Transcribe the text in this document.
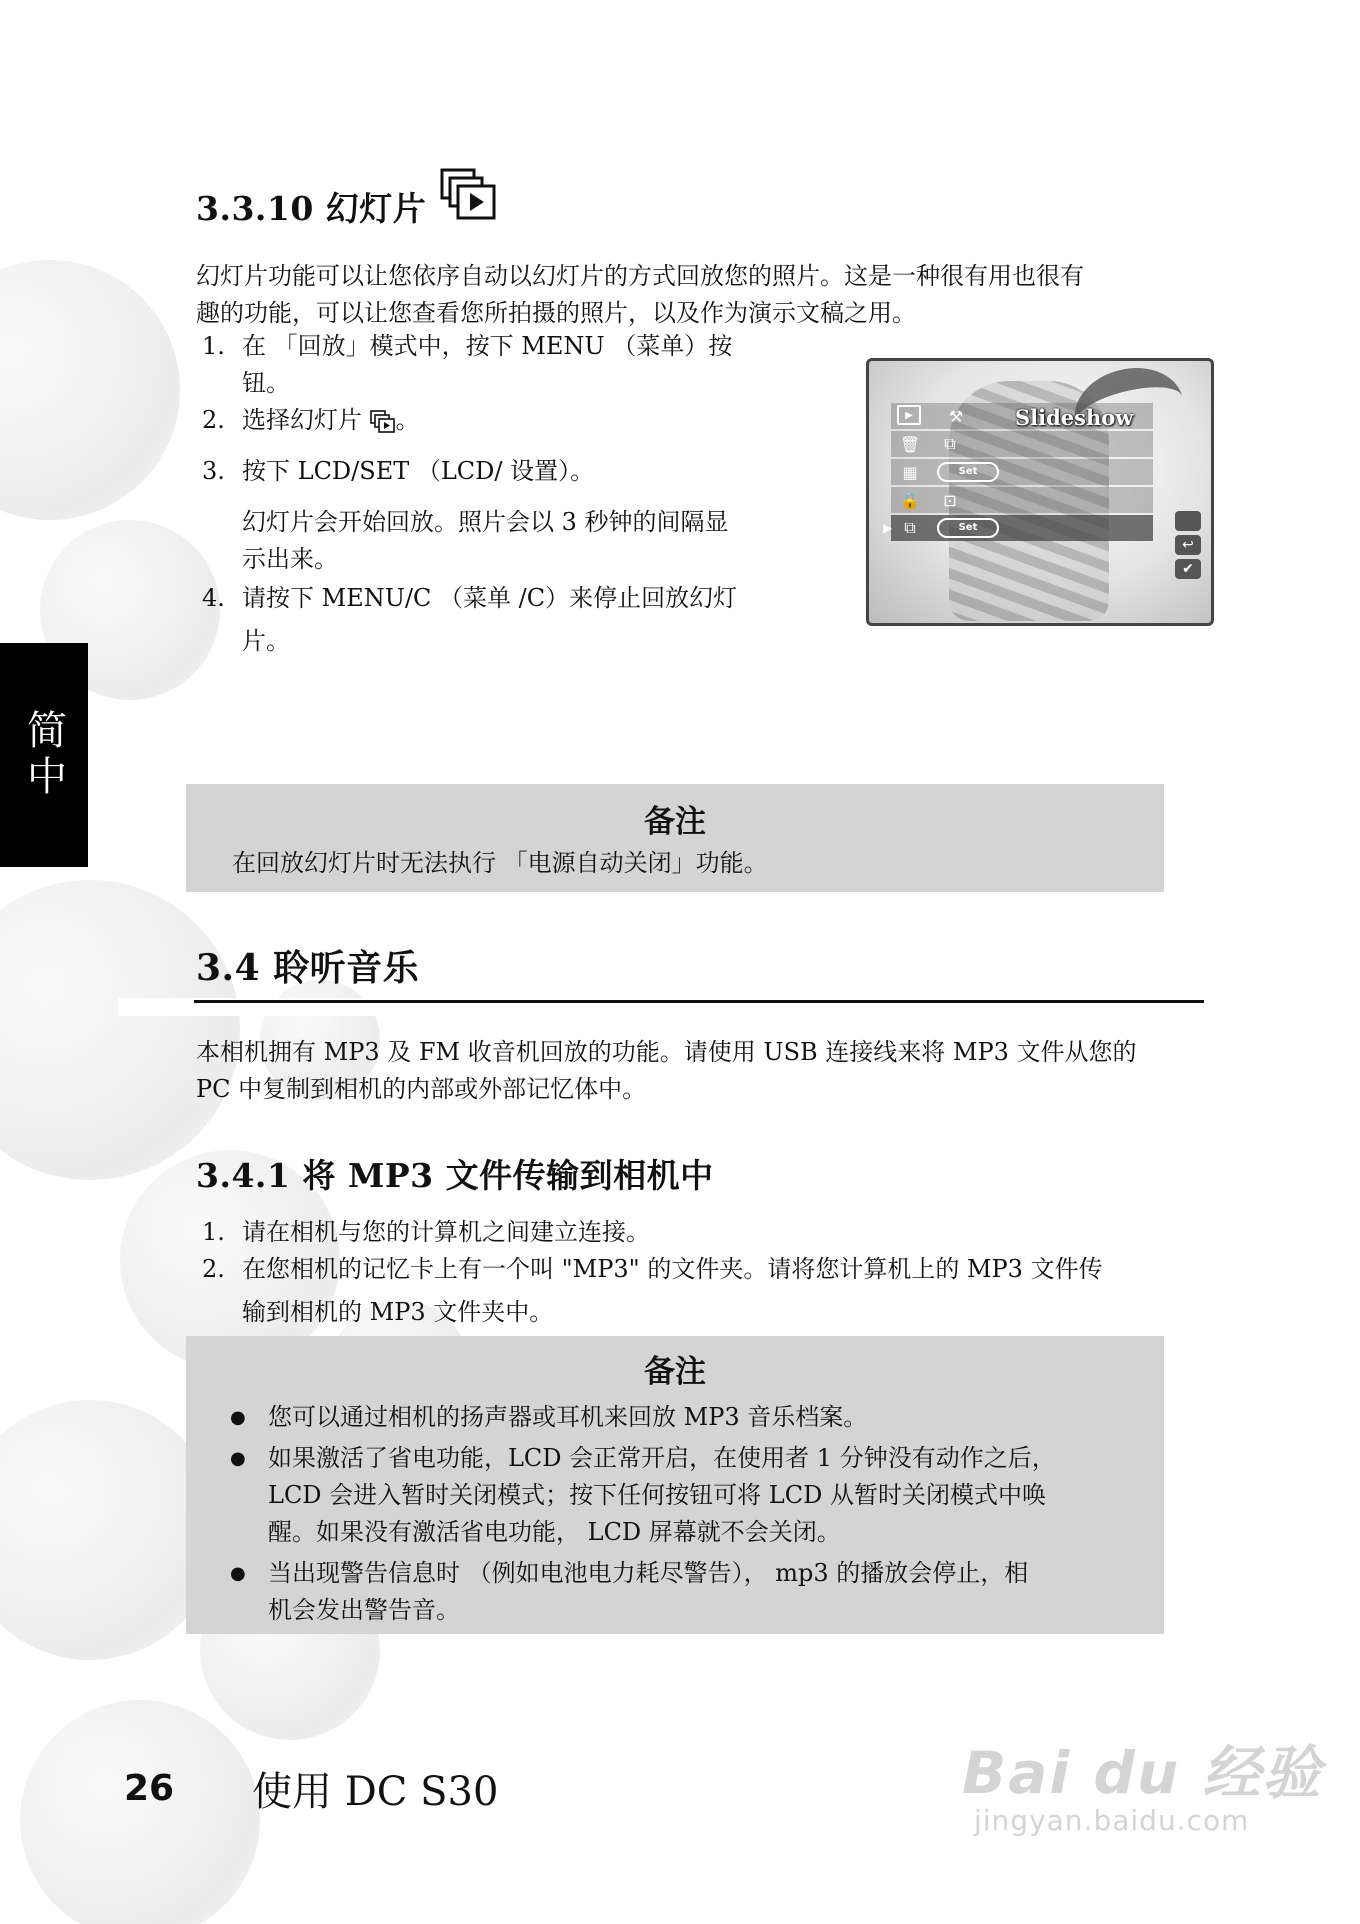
简中
3.3.10 幻灯片
幻灯片功能可以让您依序自动以幻灯片的方式回放您的照片。这是一种很有用也很有
趣的功能，可以让您查看您所拍摄的照片，以及作为演示文稿之用。
1. 在 「回放」模式中，按下 MENU （菜单）按
钮。
2. 选择幻灯片 。
3. 按下 LCD/SET （LCD/ 设置）。
幻灯片会开始回放。照片会以 3 秒钟的间隔显
示出来。
4. 请按下 MENU/C （菜单 /C）来停止回放幻灯
片。
▶	⚒
🗑	⧉
▦	Set
🔒	⊡
⧉	Set
Slideshow
▶
↩
✔
备注
在回放幻灯片时无法执行 「电源自动关闭」功能。
3.4 聆听音乐
本相机拥有 MP3 及 FM 收音机回放的功能。请使用 USB 连接线来将 MP3 文件从您的
PC 中复制到相机的内部或外部记忆体中。
3.4.1 将 MP3 文件传输到相机中
1. 请在相机与您的计算机之间建立连接。
2. 在您相机的记忆卡上有一个叫 "MP3" 的文件夹。请将您计算机上的 MP3 文件传
输到相机的 MP3 文件夹中。
备注
● 您可以通过相机的扬声器或耳机来回放 MP3 音乐档案。
● 如果激活了省电功能，LCD 会正常开启，在使用者 1 分钟没有动作之后，
LCD 会进入暂时关闭模式；按下任何按钮可将 LCD 从暂时关闭模式中唤
醒。如果没有激活省电功能， LCD 屏幕就不会关闭。
● 当出现警告信息时 （例如电池电力耗尽警告）， mp3 的播放会停止，相
机会发出警告音。
26 使用 DC S30	Bai du 经验
jingyan.baidu.com
